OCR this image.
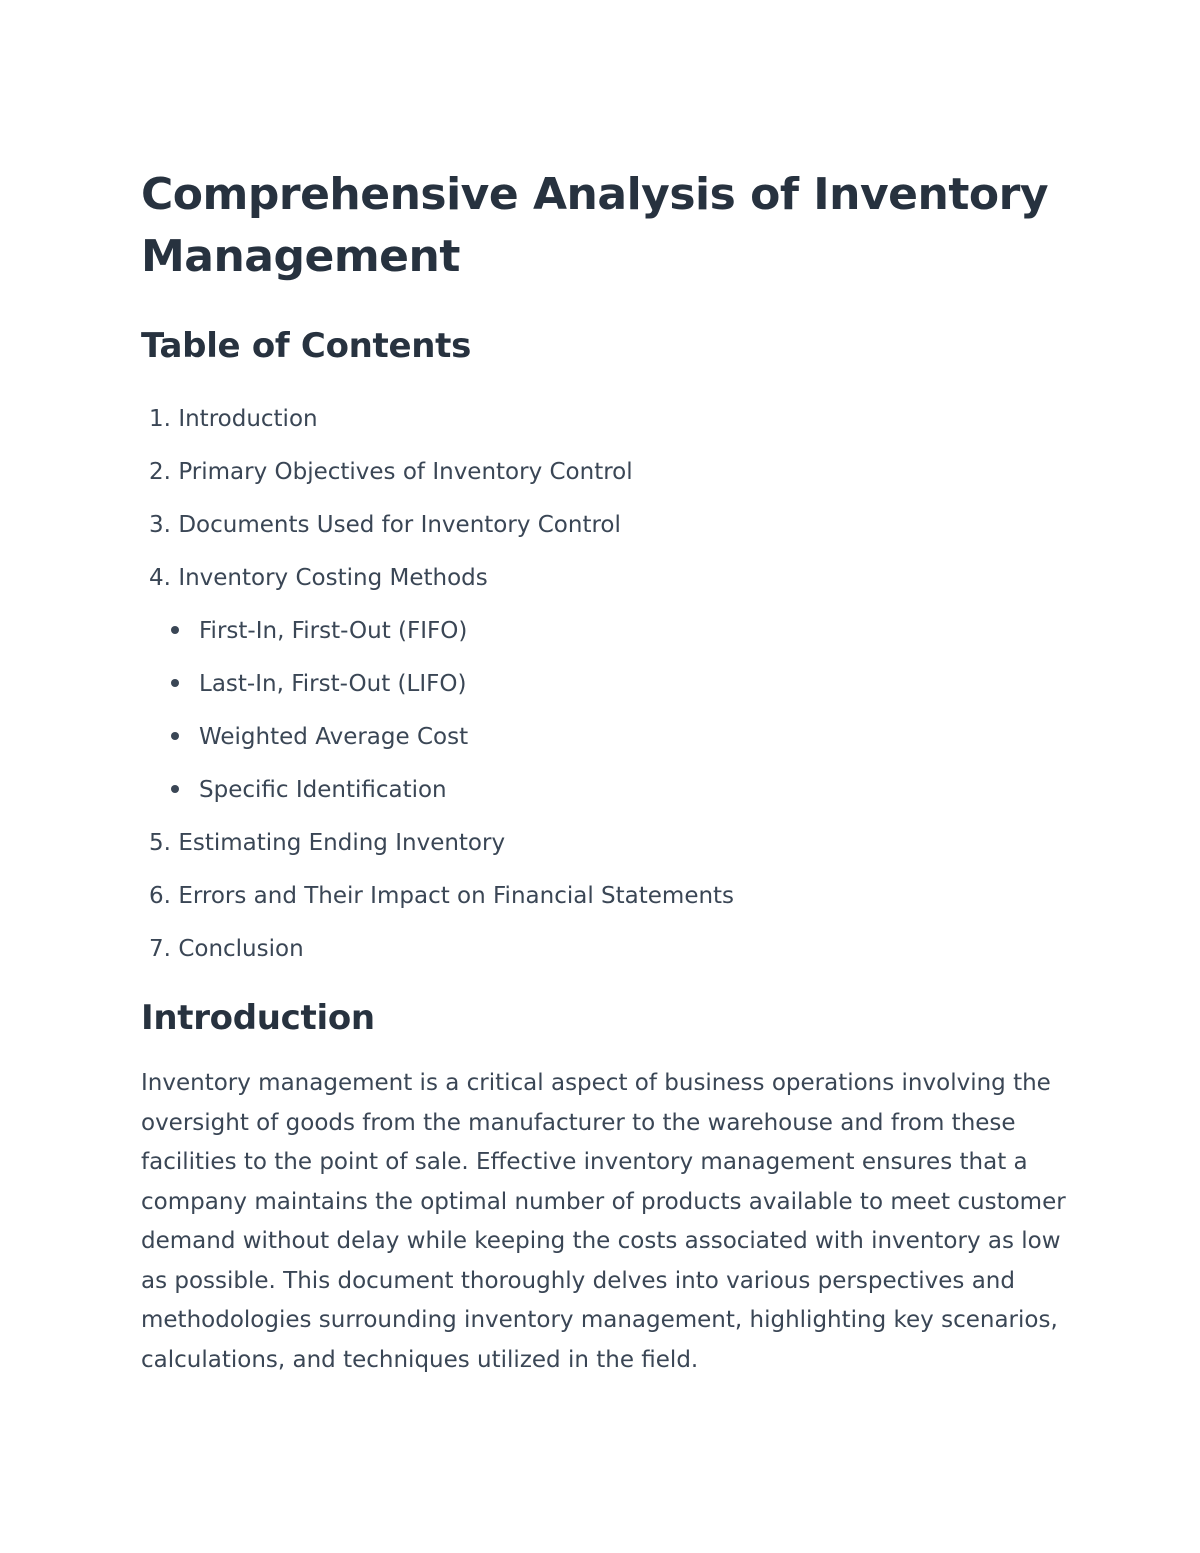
Comprehensive Analysis of Inventory Management
Table of Contents
1. Introduction
2. Primary Objectives of Inventory Control
3. Documents Used for Inventory Control
4. Inventory Costing Methods
First-In, First-Out (FIFO)
Last-In, First-Out (LIFO)
Weighted Average Cost
Specific Identification
5. Estimating Ending Inventory
6. Errors and Their Impact on Financial Statements
7. Conclusion
Introduction

Inventory management is a critical aspect of business operations involving the oversight of goods from the manufacturer to the warehouse and from these facilities to the point of sale. Effective inventory management ensures that a company maintains the optimal number of products available to meet customer demand without delay while keeping the costs associated with inventory as low as possible. This document thoroughly delves into various perspectives and methodologies surrounding inventory management, highlighting key scenarios, calculations, and techniques utilized in the field.
